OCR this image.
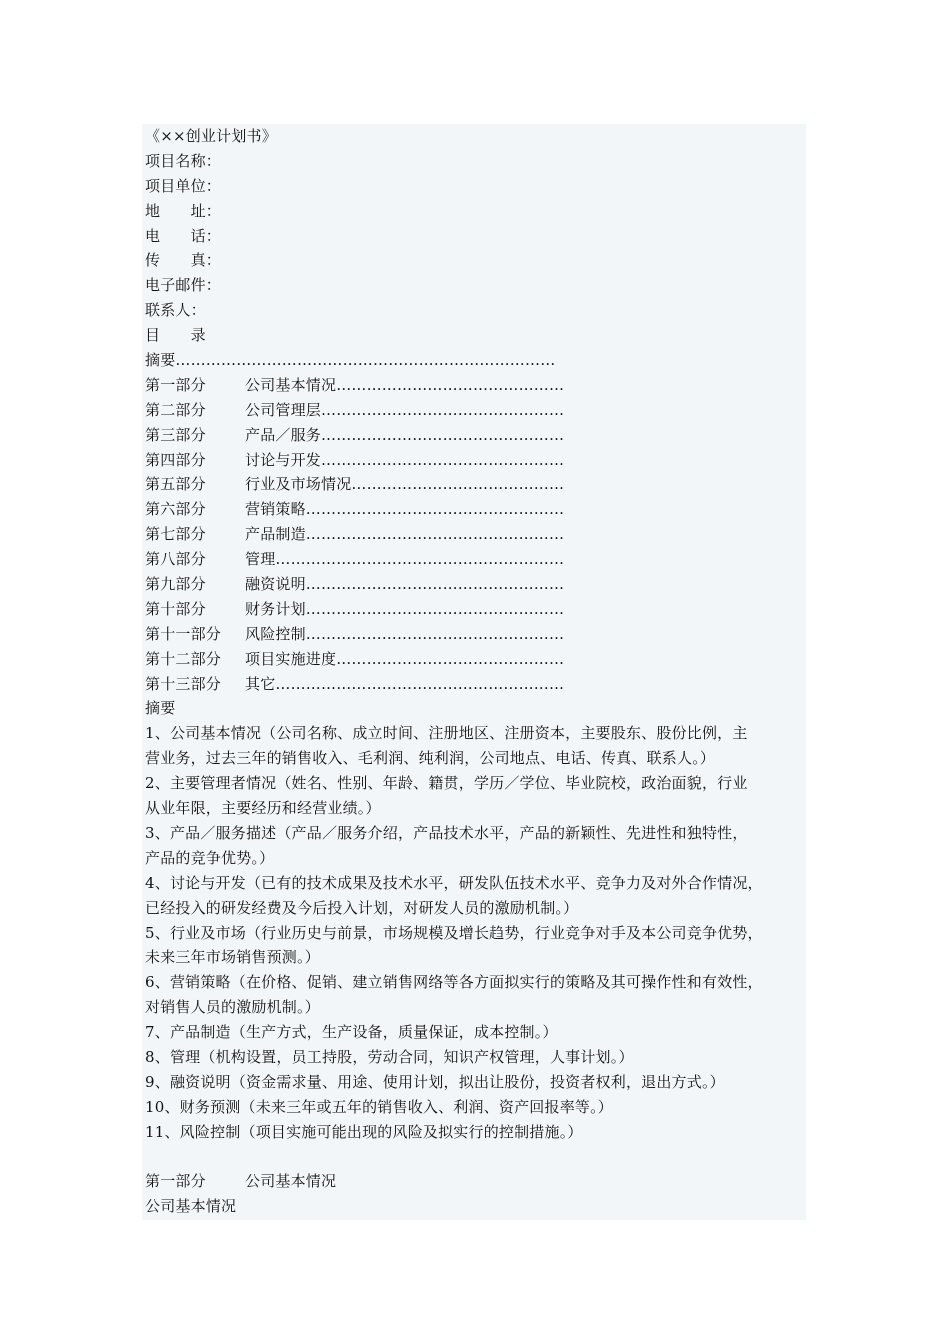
《××创业计划书》
项目名称：
项目单位：
地　　址：
电　　话：
传　　真：
电子邮件：
联系人：
目　　录
摘要…………………………………………………………………
第一部分	公司基本情况………………………………………
第二部分	公司管理层…………………………………………
第三部分	产品／服务…………………………………………
第四部分	讨论与开发…………………………………………
第五部分	行业及市场情况……………………………………
第六部分	营销策略……………………………………………
第七部分	产品制造……………………………………………
第八部分	管理…………………………………………………
第九部分	融资说明……………………………………………
第十部分	财务计划……………………………………………
第十一部分 风险控制……………………………………………
第十二部分 项目实施进度………………………………………
第十三部分 其它…………………………………………………
摘要
1、公司基本情况（公司名称、成立时间、注册地区、注册资本，主要股东、股份比例，主
营业务，过去三年的销售收入、毛利润、纯利润，公司地点、电话、传真、联系人。）
2、主要管理者情况（姓名、性别、年龄、籍贯，学历／学位、毕业院校，政治面貌，行业
从业年限，主要经历和经营业绩。）
3、产品／服务描述（产品／服务介绍，产品技术水平，产品的新颖性、先进性和独特性，
产品的竞争优势。）
4、讨论与开发（已有的技术成果及技术水平，研发队伍技术水平、竞争力及对外合作情况，
已经投入的研发经费及今后投入计划，对研发人员的激励机制。）
5、行业及市场（行业历史与前景，市场规模及增长趋势，行业竞争对手及本公司竞争优势，
未来三年市场销售预测。）
6、营销策略（在价格、促销、建立销售网络等各方面拟实行的策略及其可操作性和有效性，
对销售人员的激励机制。）
7、产品制造（生产方式，生产设备，质量保证，成本控制。）
8、管理（机构设置，员工持股，劳动合同，知识产权管理，人事计划。）
9、融资说明（资金需求量、用途、使用计划，拟出让股份，投资者权利，退出方式。）
10、财务预测（未来三年或五年的销售收入、利润、资产回报率等。）
11、风险控制（项目实施可能出现的风险及拟实行的控制措施。）
第一部分	公司基本情况
公司基本情况
